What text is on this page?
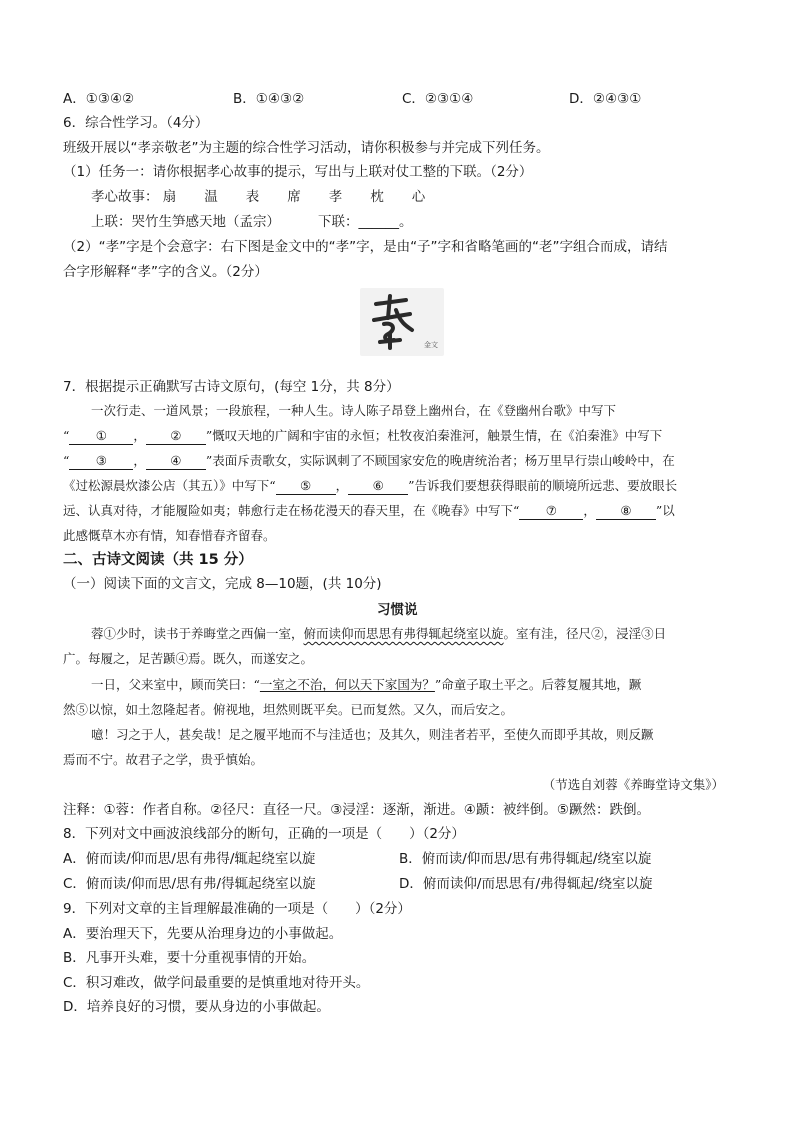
A．①③④②	B．①④③②	C．②③①④	D．②④③①
6．综合性学习。（4分）
班级开展以“孝亲敬老”为主题的综合性学习活动，请你积极参与并完成下列任务。
（1）任务一：请你根据孝心故事的提示，写出与上联对仗工整的下联。（2分）
孝心故事： 扇 温 表 席 孝 枕 心
上联：哭竹生笋感天地（孟宗）	下联：______。
（2）“孝”字是个会意字：右下图是金文中的“孝”字，是由“子”字和省略笔画的“老”字组合而成，请结
合字形解释“孝”字的含义。（2分）
金文
7．根据提示正确默写古诗文原句，(每空 1分，共 8分）
一次行走、一道风景；一段旅程，一种人生。诗人陈子昂登上幽州台，在《登幽州台歌》中写下
“ ① ， ② ”慨叹天地的广阔和宇宙的永恒；杜牧夜泊秦淮河，触景生情，在《泊秦淮》中写下
“ ③ ， ④ ”表面斥责歌女，实际讽刺了不顾国家安危的晚唐统治者；杨万里早行崇山峻岭中，在
《过松源晨炊漆公店（其五）》中写下“ ⑤ ， ⑥ ”告诉我们要想获得眼前的顺境所远悲、要放眼长
远、认真对待，才能履险如夷；韩愈行走在杨花漫天的春天里，在《晚春》中写下“ ⑦ ， ⑧ ”以
此感慨草木亦有情，知春惜春齐留春。
二、古诗文阅读（共 15 分）
（一）阅读下面的文言文，完成 8—10题，(共 10分)
习惯说
蓉①少时，读书于养晦堂之西偏一室，俯而读仰而思思有弗得辄起绕室以旋。室有洼，径尺②，浸淫③日
广。每履之，足苦踬④焉。既久，而遂安之。
一日，父来室中，顾而笑曰：“一室之不治，何以天下家国为？”命童子取土平之。后蓉复履其地，蹶
然⑤以惊，如土忽隆起者。俯视地，坦然则既平矣。已而复然。又久，而后安之。
噫！习之于人，甚矣哉！足之履平地而不与洼适也；及其久，则洼者若平，至使久而即乎其故，则反蹶
焉而不宁。故君子之学，贵乎慎始。
（节选自刘蓉《养晦堂诗文集》）
注释：①蓉：作者自称。②径尺：直径一尺。③浸淫：逐渐，渐进。④踬：被绊倒。⑤蹶然：跌倒。
8．下列对文中画波浪线部分的断句，正确的一项是（　　）（2分）
A．俯而读/仰而思/思有弗得/辄起绕室以旋	B．俯而读/仰而思/思有弗得辄起/绕室以旋
C．俯而读/仰而思/思有弗/得辄起绕室以旋	D．俯而读仰/而思思有/弗得辄起/绕室以旋
9．下列对文章的主旨理解最准确的一项是（　　）（2分）
A．要治理天下，先要从治理身边的小事做起。
B．凡事开头难，要十分重视事情的开始。
C．积习难改，做学问最重要的是慎重地对待开头。
D．培养良好的习惯，要从身边的小事做起。
